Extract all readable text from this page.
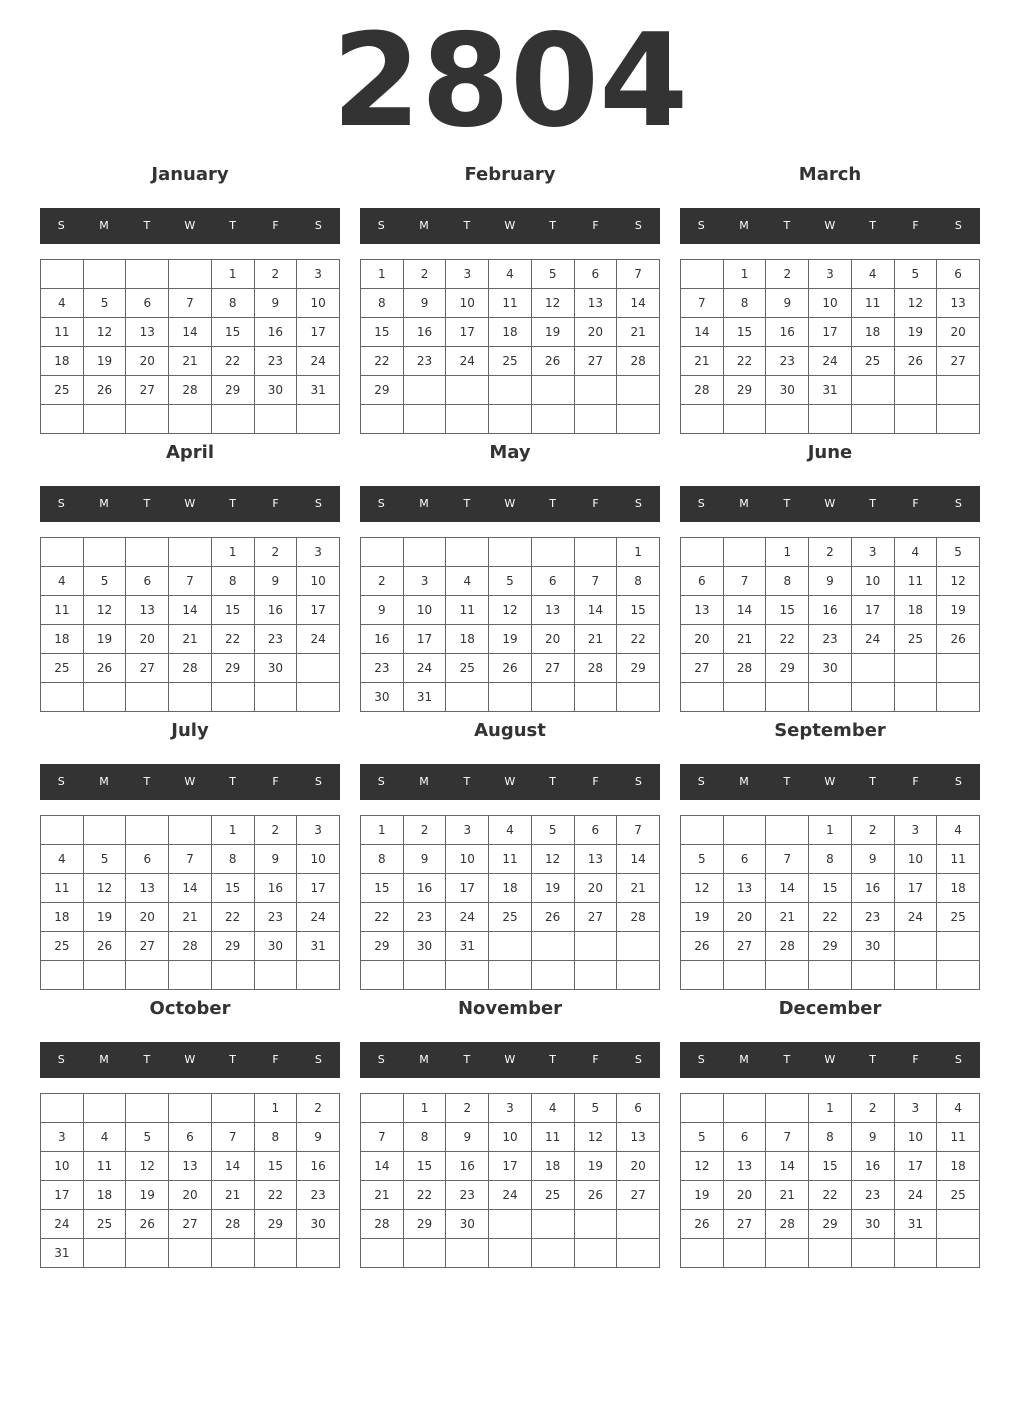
2804
January
S	M	T	W	T	F	S
				1	2	3
4	5	6	7	8	9	10
11	12	13	14	15	16	17
18	19	20	21	22	23	24
25	26	27	28	29	30	31

February
S	M	T	W	T	F	S
1	2	3	4	5	6	7
8	9	10	11	12	13	14
15	16	17	18	19	20	21
22	23	24	25	26	27	28
29						

March
S	M	T	W	T	F	S
	1	2	3	4	5	6
7	8	9	10	11	12	13
14	15	16	17	18	19	20
21	22	23	24	25	26	27
28	29	30	31			

April
S	M	T	W	T	F	S
				1	2	3
4	5	6	7	8	9	10
11	12	13	14	15	16	17
18	19	20	21	22	23	24
25	26	27	28	29	30	

May
S	M	T	W	T	F	S
						1
2	3	4	5	6	7	8
9	10	11	12	13	14	15
16	17	18	19	20	21	22
23	24	25	26	27	28	29
30	31					
June
S	M	T	W	T	F	S
		1	2	3	4	5
6	7	8	9	10	11	12
13	14	15	16	17	18	19
20	21	22	23	24	25	26
27	28	29	30			

July
S	M	T	W	T	F	S
				1	2	3
4	5	6	7	8	9	10
11	12	13	14	15	16	17
18	19	20	21	22	23	24
25	26	27	28	29	30	31

August
S	M	T	W	T	F	S
1	2	3	4	5	6	7
8	9	10	11	12	13	14
15	16	17	18	19	20	21
22	23	24	25	26	27	28
29	30	31				

September
S	M	T	W	T	F	S
			1	2	3	4
5	6	7	8	9	10	11
12	13	14	15	16	17	18
19	20	21	22	23	24	25
26	27	28	29	30		

October
S	M	T	W	T	F	S
					1	2
3	4	5	6	7	8	9
10	11	12	13	14	15	16
17	18	19	20	21	22	23
24	25	26	27	28	29	30
31						
November
S	M	T	W	T	F	S
	1	2	3	4	5	6
7	8	9	10	11	12	13
14	15	16	17	18	19	20
21	22	23	24	25	26	27
28	29	30				

December
S	M	T	W	T	F	S
			1	2	3	4
5	6	7	8	9	10	11
12	13	14	15	16	17	18
19	20	21	22	23	24	25
26	27	28	29	30	31	
